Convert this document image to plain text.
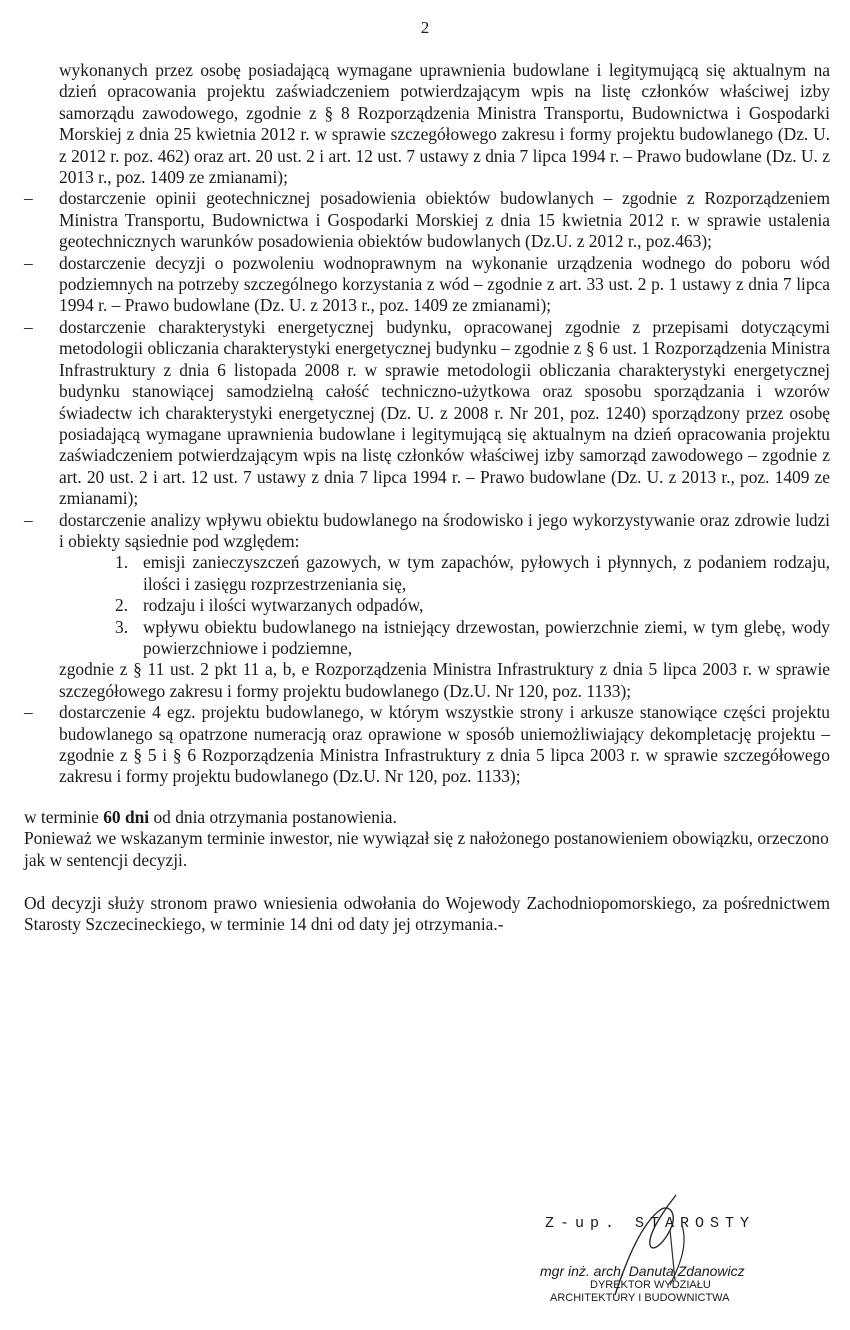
2

wykonanych przez osobę posiadającą wymagane uprawnienia budowlane i legitymującą się aktualnym na dzień opracowania projektu zaświadczeniem potwierdzającym wpis na listę członków właściwej izby samorządu zawodowego, zgodnie z § 8 Rozporządzenia Ministra Transportu, Budownictwa i Gospodarki Morskiej z dnia 25 kwietnia 2012 r. w sprawie szczegółowego zakresu i formy projektu budowlanego (Dz. U. z 2012 r. poz. 462) oraz art. 20 ust. 2 i art. 12 ust. 7 ustawy z dnia 7 lipca 1994 r. – Prawo budowlane (Dz. U. z 2013 r., poz. 1409 ze zmianami);

– dostarczenie opinii geotechnicznej posadowienia obiektów budowlanych – zgodnie z Rozporządzeniem Ministra Transportu, Budownictwa i Gospodarki Morskiej z dnia 15 kwietnia 2012 r. w sprawie ustalenia geotechnicznych warunków posadowienia obiektów budowlanych (Dz.U. z 2012 r., poz.463);
– dostarczenie decyzji o pozwoleniu wodnoprawnym na wykonanie urządzenia wodnego do poboru wód podziemnych na potrzeby szczególnego korzystania z wód – zgodnie z art. 33 ust. 2 p. 1 ustawy z dnia 7 lipca 1994 r. – Prawo budowlane (Dz. U. z 2013 r., poz. 1409 ze zmianami);
– dostarczenie charakterystyki energetycznej budynku, opracowanej zgodnie z przepisami dotyczącymi metodologii obliczania charakterystyki energetycznej budynku – zgodnie z § 6 ust. 1 Rozporządzenia Ministra Infrastruktury z dnia 6 listopada 2008 r. w sprawie metodologii obliczania charakterystyki energetycznej budynku stanowiącej samodzielną całość techniczno-użytkowa oraz sposobu sporządzania i wzorów świadectw ich charakterystyki energetycznej (Dz. U. z 2008 r. Nr 201, poz. 1240) sporządzony przez osobę posiadającą wymagane uprawnienia budowlane i legitymującą się aktualnym na dzień opracowania projektu zaświadczeniem potwierdzającym wpis na listę członków właściwej izby samorząd zawodowego – zgodnie z art. 20 ust. 2 i art. 12 ust. 7 ustawy z dnia 7 lipca 1994 r. – Prawo budowlane (Dz. U. z 2013 r., poz. 1409 ze zmianami);
– dostarczenie analizy wpływu obiektu budowlanego na środowisko i jego wykorzystywanie oraz zdrowie ludzi i obiekty sąsiednie pod względem:
1. emisji zanieczyszczeń gazowych, w tym zapachów, pyłowych i płynnych, z podaniem rodzaju, ilości i zasięgu rozprzestrzeniania się,
2. rodzaju i ilości wytwarzanych odpadów,
3. wpływu obiektu budowlanego na istniejący drzewostan, powierzchnie ziemi, w tym glebę, wody powierzchniowe i podziemne,
zgodnie z § 11 ust. 2 pkt 11 a, b, e Rozporządzenia Ministra Infrastruktury z dnia 5 lipca 2003 r. w sprawie szczegółowego zakresu i formy projektu budowlanego (Dz.U. Nr 120, poz. 1133);
– dostarczenie 4 egz. projektu budowlanego, w którym wszystkie strony i arkusze stanowiące części projektu budowlanego są opatrzone numeracją oraz oprawione w sposób uniemożliwiający dekompletację projektu – zgodnie z § 5 i § 6 Rozporządzenia Ministra Infrastruktury z dnia 5 lipca 2003 r. w sprawie szczegółowego zakresu i formy projektu budowlanego (Dz.U. Nr 120, poz. 1133);

w terminie 60 dni od dnia otrzymania postanowienia.

Ponieważ we wskazanym terminie inwestor, nie wywiązał się z nałożonego postanowieniem obowiązku, orzeczono jak w sentencji decyzji.

Od decyzji służy stronom prawo wniesienia odwołania do Wojewody Zachodniopomorskiego, za pośrednictwem Starosty Szczecineckiego, w terminie 14 dni od daty jej otrzymania.-

Z-up. STAROSTY
mgr inż. arch. Danuta Zdanowicz
DYREKTOR WYDZIAŁU
ARCHITEKTURY I BUDOWNICTWA
